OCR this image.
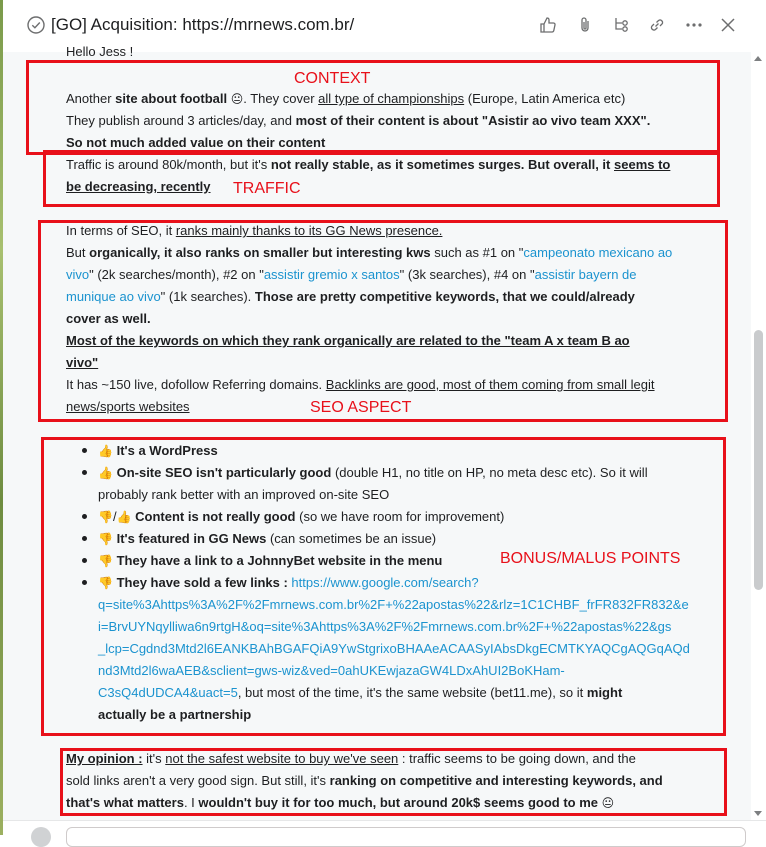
[GO] Acquisition: https://mrnews.com.br/
Hello Jess !
CONTEXT
Another site about football 😐. They cover all type of championships (Europe, Latin America etc)
They publish around 3 articles/day, and most of their content is about "Asistir ao vivo team XXX".
So not much added value on their content
Traffic is around 80k/month, but it's not really stable, as it sometimes surges. But overall, it seems to
be decreasing, recently TRAFFIC
In terms of SEO, it ranks mainly thanks to its GG News presence.
But organically, it also ranks on smaller but interesting kws such as #1 on "campeonato mexicano ao
vivo" (2k searches/month), #2 on "assistir gremio x santos" (3k searches), #4 on "assistir bayern de
munique ao vivo" (1k searches). Those are pretty competitive keywords, that we could/already
cover as well.
Most of the keywords on which they rank organically are related to the "team A x team B ao
vivo"
It has ~150 live, dofollow Referring domains. Backlinks are good, most of them coming from small legit
news/sports websites	SEO ASPECT
BONUS/MALUS POINTS
👍 It's a WordPress
👍 On-site SEO isn't particularly good (double H1, no title on HP, no meta desc etc). So it will
probably rank better with an improved on-site SEO
👎/👍 Content is not really good (so we have room for improvement)
👎 It's featured in GG News (can sometimes be an issue)
👎 They have a link to a JohnnyBet website in the menu
👎 They have sold a few links : https://www.google.com/search?
q=site%3Ahttps%3A%2F%2Fmrnews.com.br%2F+%22apostas%22&rlz=1C1CHBF_frFR832FR832&e
i=BrvUYNqylliwa6n9rtgH&oq=site%3Ahttps%3A%2F%2Fmrnews.com.br%2F+%22apostas%22&gs
_lcp=Cgdnd3Mtd2l6EANKBAhBGAFQiA9YwStgrixoBHAAeACAASyIAbsDkgECMTKYAQCgAQGqAQd
nd3Mtd2l6waAEB&sclient=gws-wiz&ved=0ahUKEwjazaGW4LDxAhUI2BoKHam-
C3sQ4dUDCA4&uact=5, but most of the time, it's the same website (bet11.me), so it might
actually be a partnership
My opinion : it's not the safest website to buy we've seen : traffic seems to be going down, and the
sold links aren't a very good sign. But still, it's ranking on competitive and interesting keywords, and
that's what matters. I wouldn't buy it for too much, but around 20k$ seems good to me 😐
